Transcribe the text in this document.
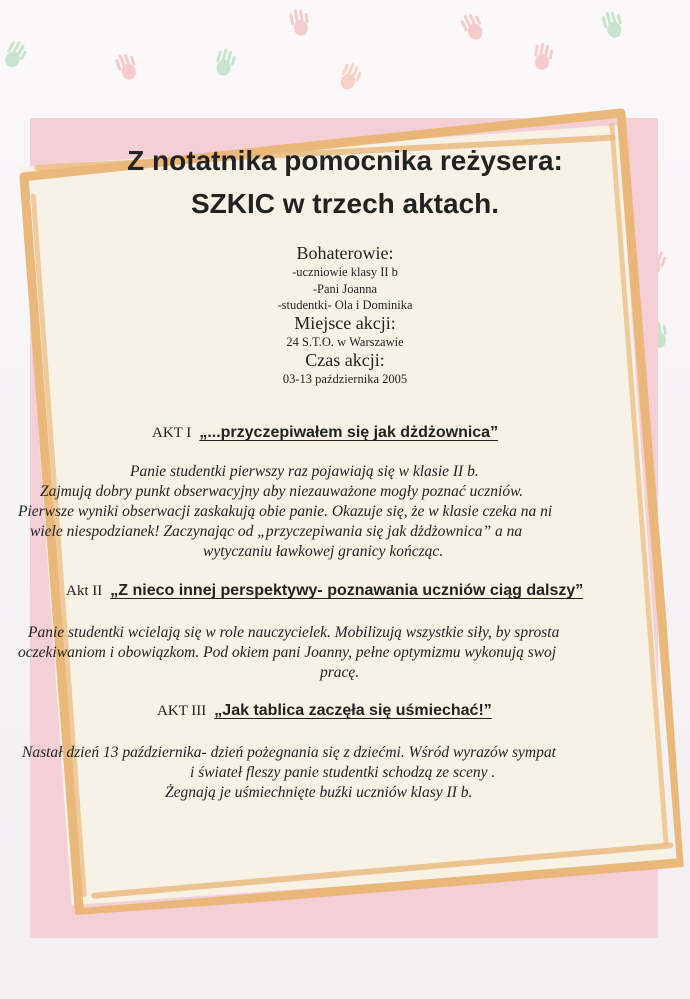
Z notatnika pomocnika reżysera:
SZKIC w trzech aktach.
Bohaterowie:
-uczniowie klasy II b
-Pani Joanna
-studentki- Ola i Dominika
Miejsce akcji:
24 S.T.O. w Warszawie
Czas akcji:
03-13 października 2005
AKT I „...przyczepiwałem się jak dżdżownica”
Panie studentki pierwszy raz pojawiają się w klasie II b.
Zajmują dobry punkt obserwacyjny aby niezauważone mogły poznać uczniów.
Pierwsze wyniki obserwacji zaskakują obie panie. Okazuje się, że w klasie czeka na ni
wiele niespodzianek! Zaczynając od „przyczepiwania się jak dżdżownica” a na
wytyczaniu ławkowej granicy kończąc.
Akt II „Z nieco innej perspektywy- poznawania uczniów ciąg dalszy”
Panie studentki wcielają się w role nauczycielek. Mobilizują wszystkie siły, by sprosta
oczekiwaniom i obowiązkom. Pod okiem pani Joanny, pełne optymizmu wykonują swoj
pracę.
AKT III „Jak tablica zaczęła się uśmiechać!”
Nastał dzień 13 października- dzień pożegnania się z dziećmi. Wśród wyrazów sympat
i świateł fleszy panie studentki schodzą ze sceny .
Żegnają je uśmiechnięte buźki uczniów klasy II b.
